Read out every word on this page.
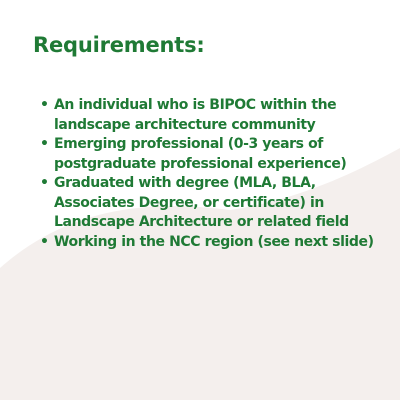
Requirements:
• An individual who is BIPOC within the landscape architecture community
• Emerging professional (0-3 years of postgraduate professional experience)
• Graduated with degree (MLA, BLA, Associates Degree, or certificate) in Landscape Architecture or related field
• Working in the NCC region (see next slide)
